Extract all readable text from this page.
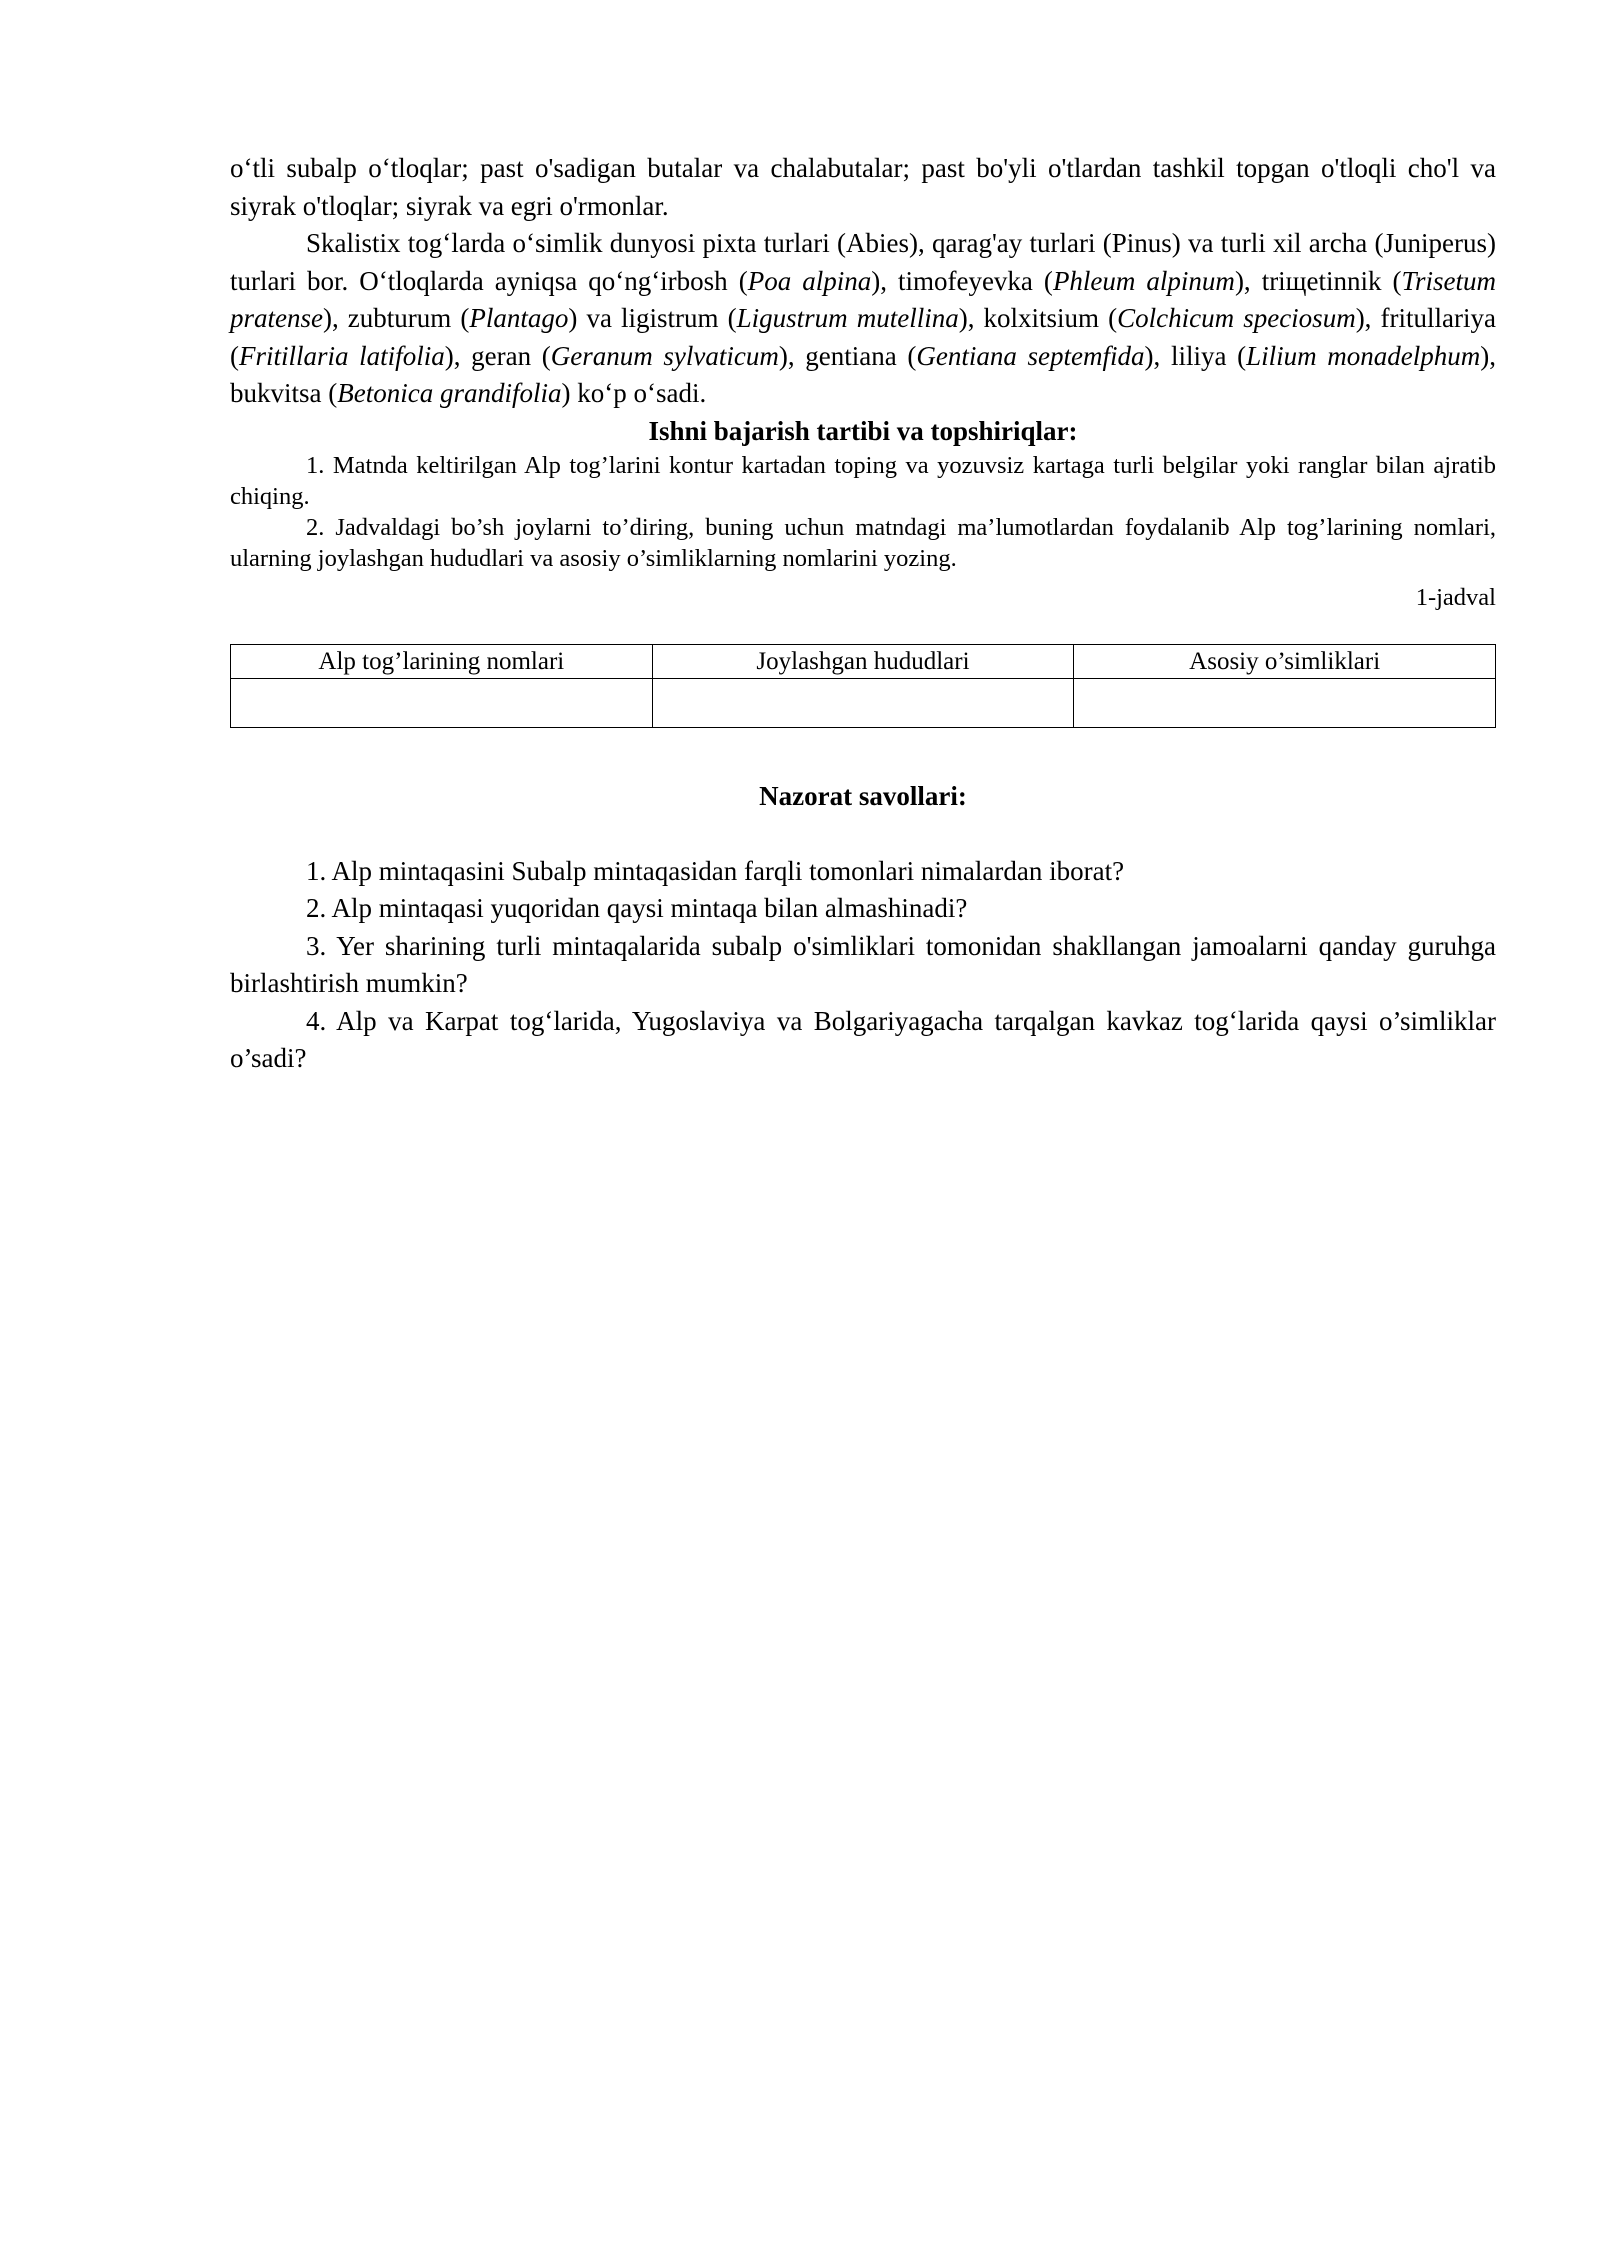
o‘tli subalp o‘tloqlar; past o'sadigan butalar va chalabutalar; past bo'yli o'tlardan tashkil topgan o'tloqli cho'l va siyrak o'tloqlar; siyrak va egri o'rmonlar.

Skalistix tog‘larda o‘simlik dunyosi pixta turlari (Abies), qarag'ay turlari (Pinus) va turli xil archa (Juniperus) turlari bor. O‘tloqlarda ayniqsa qo‘ng‘irbosh (Poa alpina), timofeyevka (Phleum alpinum), triщetinnik (Trisetum pratense), zubturum (Plantago) va ligistrum (Ligustrum mutellina), kolxitsium (Colchicum speciosum), fritullariya (Fritillaria latifolia), geran (Geranum sylvaticum), gentiana (Gentiana septemfida), liliya (Lilium monadelphum), bukvitsa (Betonica grandifolia) ko‘p o‘sadi.

Ishni bajarish tartibi va topshiriqlar:

1. Matnda keltirilgan Alp tog’larini kontur kartadan toping va yozuvsiz kartaga turli belgilar yoki ranglar bilan ajratib chiqing.

2. Jadvaldagi bo’sh joylarni to’diring, buning uchun matndagi ma’lumotlardan foydalanib Alp tog’larining nomlari, ularning joylashgan hududlari va asosiy o’simliklarning nomlarini yozing.

1-jadval

Alp tog’larining nomlari	Joylashgan hududlari	Asosiy o’simliklari

Nazorat savollari:

1. Alp mintaqasini Subalp mintaqasidan farqli tomonlari nimalardan iborat?

2. Alp mintaqasi yuqoridan qaysi mintaqa bilan almashinadi?

3. Yer sharining turli mintaqalarida subalp o'simliklari tomonidan shakllangan jamoalarni qanday guruhga birlashtirish mumkin?

4. Alp va Karpat tog‘larida, Yugoslaviya va Bolgariyagacha tarqalgan kavkaz tog‘larida qaysi o’simliklar o’sadi?
